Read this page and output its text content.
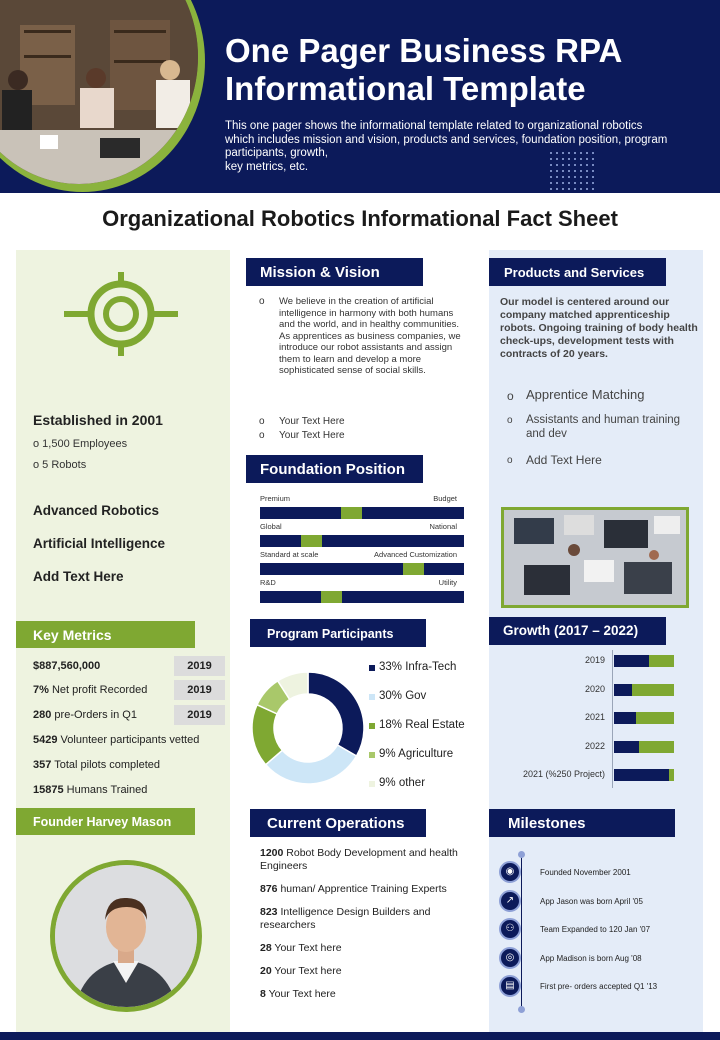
One Pager Business RPA Informational Template
This one pager shows the informational template related to organizational robotics which includes mission and vision, products and services, foundation position, program participants, growth,
key metrics, etc.
Organizational Robotics Informational Fact Sheet
Established in 2001
o 1,500 Employees
o 5 Robots
Advanced Robotics
Artificial Intelligence
Add Text Here
Key Metrics
$887,560,000	2019
7% Net profit Recorded	2019
280 pre-Orders in Q1	2019
5429 Volunteer participants vetted
357 Total pilots completed
15875 Humans Trained
Founder Harvey Mason
Mission & Vision
o We believe in the creation of artificial intelligence in harmony with both humans and the world, and in healthy communities. As apprentices as business companies, we introduce our robot assistants and assign them to learn and develop a more sophisticated sense of social skills.
o Your Text Here
o Your Text Here
Foundation Position
Premium	Budget
Global	National
Standard at scale	Advanced Customization
R&D	Utility
Program Participants
33% Infra-Tech
30% Gov
18% Real Estate
9% Agriculture
9% other
Current Operations
1200 Robot Body Development and health Engineers
876 human/ Apprentice Training Experts
823 Intelligence Design Builders and researchers
28 Your Text here
20 Your Text here
8 Your Text here
Products and Services
Our model is centered around our company matched apprenticeship robots. Ongoing training of body health check-ups, development tests with contracts of 20 years.
o Apprentice Matching
o Assistants and human training and dev
o Add Text Here
Growth (2017 – 2022)
2019
2020
2021
2022
2021 (%250 Project)
Milestones
◉	Founded November 2001
↗	App Jason was born April '05
⚇	Team Expanded to 120 Jan '07
◎	App Madison is born Aug '08
▤	First pre- orders accepted Q1 '13
